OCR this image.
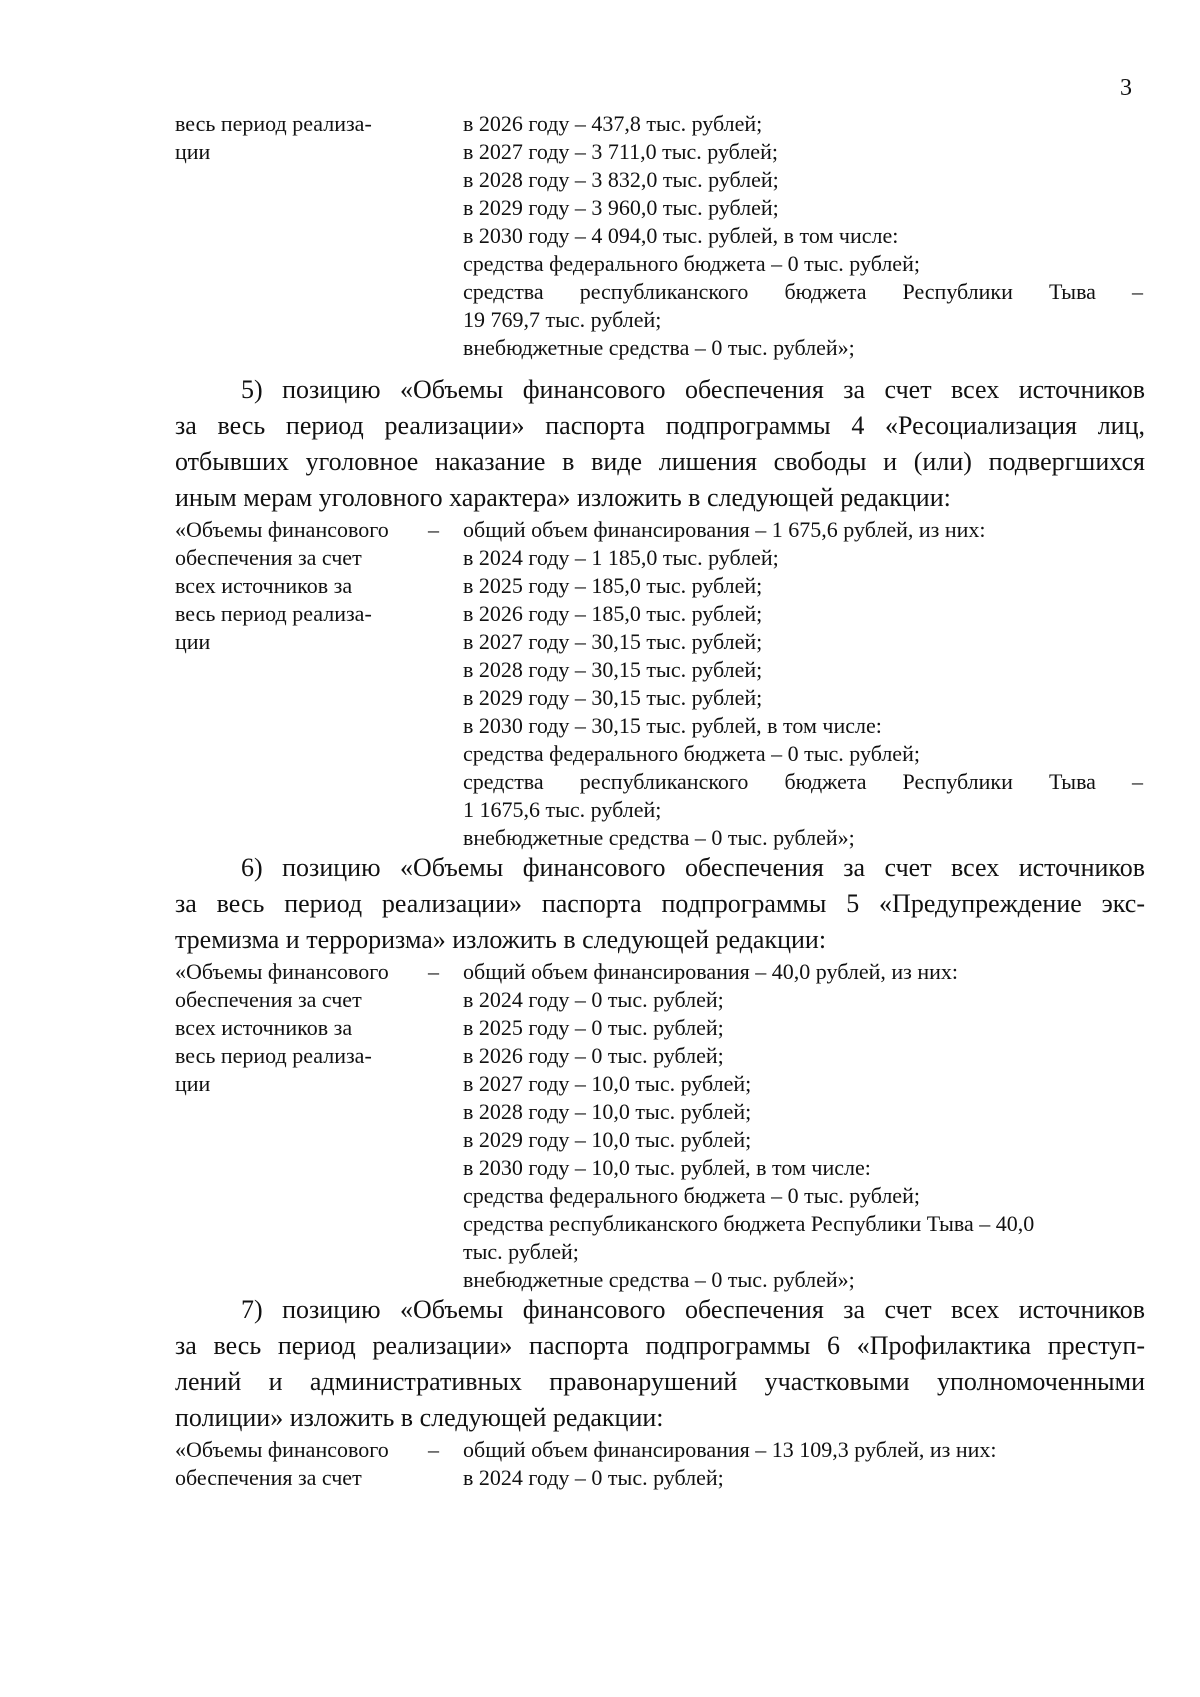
3
весь период реализа-	в 2026 году – 437,8 тыс. рублей;
ции	в 2027 году – 3 711,0 тыс. рублей;
в 2028 году – 3 832,0 тыс. рублей;
в 2029 году – 3 960,0 тыс. рублей;
в 2030 году – 4 094,0 тыс. рублей, в том числе:
средства федерального бюджета – 0 тыс. рублей;
средства республиканского бюджета Республики Тыва –
19 769,7 тыс. рублей;
внебюджетные средства – 0 тыс. рублей»;
5) позицию «Объемы финансового обеспечения за счет всех источников
за весь период реализации» паспорта подпрограммы 4 «Ресоциализация лиц,
отбывших уголовное наказание в виде лишения свободы и (или) подвергшихся
иным мерам уголовного характера» изложить в следующей редакции:
«Объемы финансового – общий объем финансирования – 1 675,6 рублей, из них:
обеспечения за счет	в 2024 году – 1 185,0 тыс. рублей;
всех источников за	в 2025 году – 185,0 тыс. рублей;
весь период реализа-	в 2026 году – 185,0 тыс. рублей;
ции	в 2027 году – 30,15 тыс. рублей;
в 2028 году – 30,15 тыс. рублей;
в 2029 году – 30,15 тыс. рублей;
в 2030 году – 30,15 тыс. рублей, в том числе:
средства федерального бюджета – 0 тыс. рублей;
средства республиканского бюджета Республики Тыва –
1 1675,6 тыс. рублей;
внебюджетные средства – 0 тыс. рублей»;
6) позицию «Объемы финансового обеспечения за счет всех источников
за весь период реализации» паспорта подпрограммы 5 «Предупреждение экс-
тремизма и терроризма» изложить в следующей редакции:
«Объемы финансового – общий объем финансирования – 40,0 рублей, из них:
обеспечения за счет	в 2024 году – 0 тыс. рублей;
всех источников за	в 2025 году – 0 тыс. рублей;
весь период реализа-	в 2026 году – 0 тыс. рублей;
ции	в 2027 году – 10,0 тыс. рублей;
в 2028 году – 10,0 тыс. рублей;
в 2029 году – 10,0 тыс. рублей;
в 2030 году – 10,0 тыс. рублей, в том числе:
средства федерального бюджета – 0 тыс. рублей;
средства республиканского бюджета Республики Тыва – 40,0
тыс. рублей;
внебюджетные средства – 0 тыс. рублей»;
7) позицию «Объемы финансового обеспечения за счет всех источников
за весь период реализации» паспорта подпрограммы 6 «Профилактика преступ-
лений и административных правонарушений участковыми уполномоченными
полиции» изложить в следующей редакции:
«Объемы финансового – общий объем финансирования – 13 109,3 рублей, из них:
обеспечения за счет	в 2024 году – 0 тыс. рублей;
